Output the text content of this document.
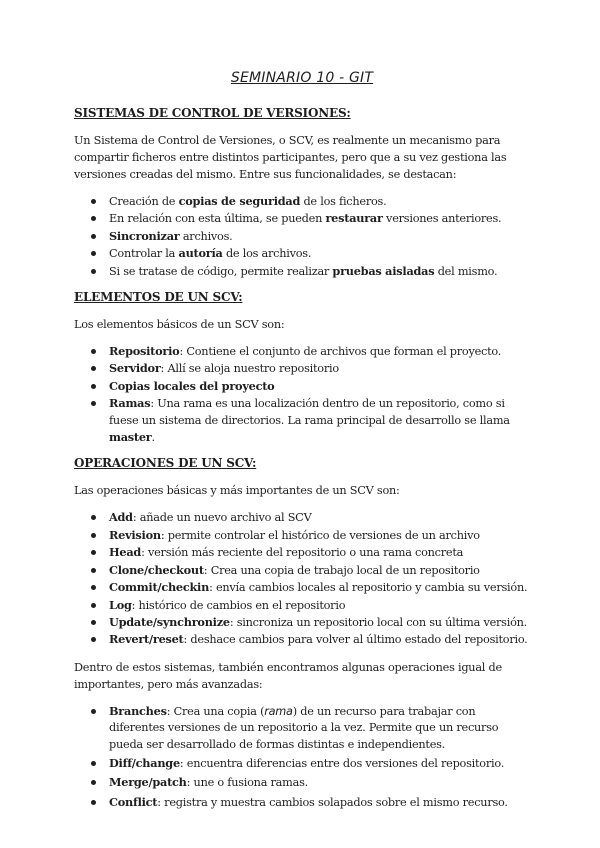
SEMINARIO 10 - GIT
SISTEMAS DE CONTROL DE VERSIONES:
Un Sistema de Control de Versiones, o SCV, es realmente un mecanismo para compartir ficheros entre distintos participantes, pero que a su vez gestiona las versiones creadas del mismo. Entre sus funcionalidades, se destacan:
Creación de copias de seguridad de los ficheros.
En relación con esta última, se pueden restaurar versiones anteriores.
Sincronizar archivos.
Controlar la autoría de los archivos.
Si se tratase de código, permite realizar pruebas aisladas del mismo.
ELEMENTOS DE UN SCV:
Los elementos básicos de un SCV son:
Repositorio: Contiene el conjunto de archivos que forman el proyecto.
Servidor: Allí se aloja nuestro repositorio
Copias locales del proyecto
Ramas: Una rama es una localización dentro de un repositorio, como si fuese un sistema de directorios. La rama principal de desarrollo se llama master.
OPERACIONES DE UN SCV:
Las operaciones básicas y más importantes de un SCV son:
Add: añade un nuevo archivo al SCV
Revision: permite controlar el histórico de versiones de un archivo
Head: versión más reciente del repositorio o una rama concreta
Clone/checkout: Crea una copia de trabajo local de un repositorio
Commit/checkin: envía cambios locales al repositorio y cambia su versión.
Log: histórico de cambios en el repositorio
Update/synchronize: sincroniza un repositorio local con su última versión.
Revert/reset: deshace cambios para volver al último estado del repositorio.
Dentro de estos sistemas, también encontramos algunas operaciones igual de importantes, pero más avanzadas:
Branches: Crea una copia (rama) de un recurso para trabajar con diferentes versiones de un repositorio a la vez. Permite que un recurso pueda ser desarrollado de formas distintas e independientes.
Diff/change: encuentra diferencias entre dos versiones del repositorio.
Merge/patch: une o fusiona ramas.
Conflict: registra y muestra cambios solapados sobre el mismo recurso.
